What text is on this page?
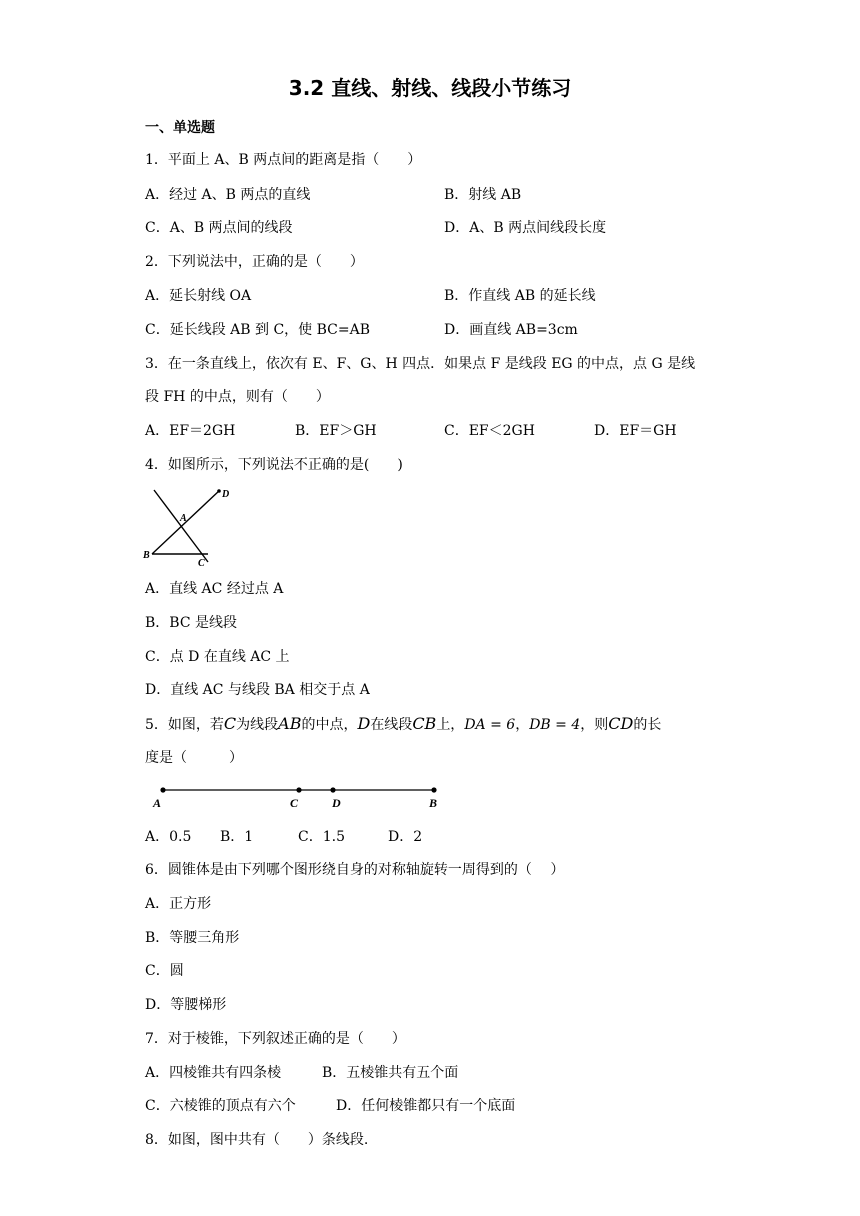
3.2 直线、射线、线段小节练习
一、单选题
1．平面上 A、B 两点间的距离是指（　　）
A．经过 A、B 两点的直线	B．射线 AB
C．A、B 两点间的线段	D．A、B 两点间线段长度
2．下列说法中，正确的是（　　）
A．延长射线 OA	B．作直线 AB 的延长线
C．延长线段 AB 到 C，使 BC=AB	D．画直线 AB=3cm
3．在一条直线上，依次有 E、F、G、H 四点．如果点 F 是线段 EG 的中点，点 G 是线
段 FH 的中点，则有（　　）
A．EF＝2GH	B．EF＞GH	C．EF＜2GH	D．EF＝GH
4．如图所示，下列说法不正确的是(　　)
D
A
B
C
A．直线 AC 经过点 A
B．BC 是线段
C．点 D 在直线 AC 上
D．直线 AC 与线段 BA 相交于点 A
5．如图，若C为线段AB的中点，D在线段CB上，DA = 6，DB = 4，则CD的长
度是（　　　）
A	C	D	B
A．0.5 B．1	C．1.5	D．2
6．圆锥体是由下列哪个图形绕自身的对称轴旋转一周得到的（　 ）
A．正方形
B．等腰三角形
C．圆
D．等腰梯形
7．对于棱锥，下列叙述正确的是（　　）
A．四棱锥共有四条棱	B．五棱锥共有五个面
C．六棱锥的顶点有六个	D．任何棱锥都只有一个底面
8．如图，图中共有（　　）条线段.
